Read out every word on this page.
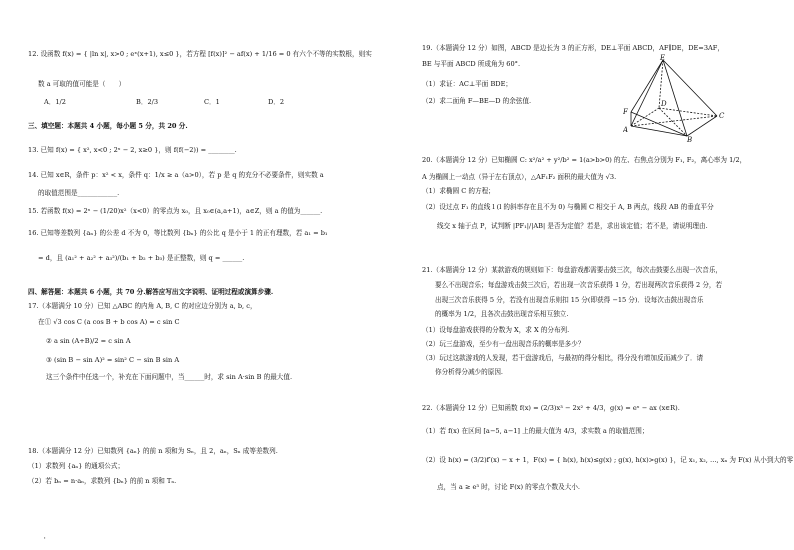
12. 设函数 f(x) = { |ln x|, x>0 ; eˣ(x+1), x≤0 }，若方程 [f(x)]² − af(x) + 1/16 = 0 有六个不等的实数根，则实
数 a 可取的值可能是（　　）
A．1/2	B．2/3	C．1	D．2
三、填空题：本题共 4 小题，每小题 5 分，共 20 分.
13. 已知 f(x) = { x², x<0 ; 2ˣ − 2, x≥0 }，则 f(f(−2)) = ________.
14. 已知 x∈R，条件 p：x² < x，条件 q：1/x ≥ a（a>0），若 p 是 q 的充分不必要条件，则实数 a
的取值范围是____________.
15. 若函数 f(x) = 2ˣ − (1/20)x²（x<0）的零点为 x₀，且 x₀∈(a,a+1)，a∈Z，则 a 的值为______.
16. 已知等差数列 {aₙ} 的公差 d 不为 0，等比数列 {bₙ} 的公比 q 是小于 1 的正有理数，若 a₁ = b₁
= d，且 (a₁² + a₂² + a₃²)/(b₁ + b₂ + b₃) 是正整数，则 q = ______.
四、解答题：本题共 6 小题，共 70 分.解答应写出文字说明、证明过程或演算步骤.
17.（本题满分 10 分）已知 △ABC 的内角 A, B, C 的对应边分别为 a, b, c，
在① √3 cos C (a cos B + b cos A) = c sin C
② a sin (A+B)/2 = c sin A
③ (sin B − sin A)² = sin² C − sin B sin A
这三个条件中任选一个，补充在下面问题中，当______时，求 sin A·sin B 的最大值.
18.（本题满分 12 分）已知数列 {aₙ} 的前 n 项和为 Sₙ，且 2，aₙ，Sₙ 成等差数列.
（1）求数列 {aₙ} 的通项公式；
（2）若 bₙ = n·aₙ，求数列 {bₙ} 的前 n 项和 Tₙ.
19.（本题满分 12 分）如图，ABCD 是边长为 3 的正方形，DE⊥平面 ABCD，AF∥DE，DE=3AF，
BE 与平面 ABCD 所成角为 60°.
（1）求证：AC⊥平面 BDE；
（2）求二面角 F—BE—D 的余弦值.
E
F
D
A
B
C
20.（本题满分 12 分）已知椭圆 C: x²/a² + y²/b² = 1(a>b>0) 的左、右焦点分别为 F₁, F₂，离心率为 1/2，
A 为椭圆上一动点（异于左右顶点），△AF₁F₂ 面积的最大值为 √3.
（1）求椭圆 C 的方程；
（2）设过点 F₁ 的直线 l (l 的斜率存在且不为 0) 与椭圆 C 相交于 A, B 两点，线段 AB 的垂直平分
线交 x 轴于点 P，试判断 |PF₁|/|AB| 是否为定值？若是，求出该定值；若不是，请说明理由.
21.（本题满分 12 分）某款游戏的规则如下：每盘游戏都需要击鼓三次，每次击鼓要么出现一次音乐，
要么不出现音乐；每盘游戏击鼓三次后，若出现一次音乐获得 1 分，若出现两次音乐获得 2 分，若
出现三次音乐获得 5 分，若没有出现音乐则扣 15 分(即获得 −15 分)．设每次击鼓出现音乐
的概率为 1/2，且各次击鼓出现音乐相互独立.
（1）设每盘游戏获得的分数为 X，求 X 的分布列.
（2）玩三盘游戏，至少有一盘出现音乐的概率是多少？
（3）玩过这款游戏的人发现，若干盘游戏后，与最初的得分相比，得分没有增加反而减少了．请
你分析得分减少的原因.
22.（本题满分 12 分）已知函数 f(x) = (2/3)x³ − 2x² + 4/3，g(x) = eˣ − ax (x∈R).
（1）若 f(x) 在区间 [a−5, a−1] 上的最大值为 4/3，求实数 a 的取值范围；
（2）设 h(x) = (3/2)f′(x) − x + 1，F(x) = { h(x), h(x)≤g(x) ; g(x), h(x)>g(x) }，记 x₁, x₂, …, xₙ 为 F(x) 从小到大的零
点，当 a ≥ e³ 时，讨论 F(x) 的零点个数及大小.
'
